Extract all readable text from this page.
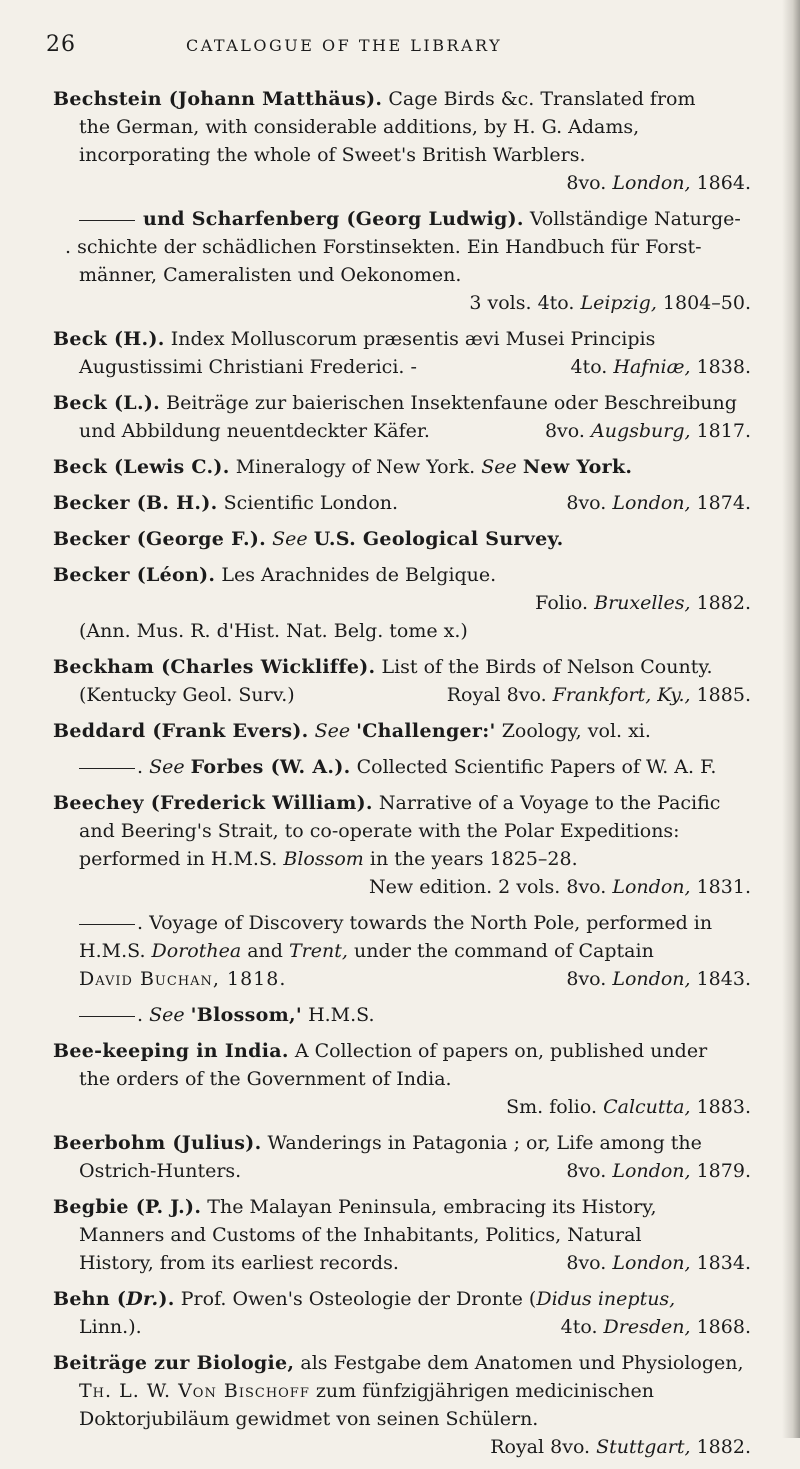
26	CATALOGUE OF THE LIBRARY
Bechstein (Johann Matthäus). Cage Birds &c. Translated from
the German, with considerable additions, by H. G. Adams,
incorporating the whole of Sweet's British Warblers.
8vo. London, 1864.
und Scharfenberg (Georg Ludwig). Vollständige Naturge-
. schichte der schädlichen Forstinsekten. Ein Handbuch für Forst-
männer, Cameralisten und Oekonomen.
3 vols. 4to. Leipzig, 1804–50.
Beck (H.). Index Molluscorum præsentis ævi Musei Principis
Augustissimi Christiani Frederici. -	4to. Hafniæ, 1838.
Beck (L.). Beiträge zur baierischen Insektenfaune oder Beschreibung
und Abbildung neuentdeckter Käfer.	8vo. Augsburg, 1817.
Beck (Lewis C.). Mineralogy of New York. See New York.
Becker (B. H.). Scientific London.	8vo. London, 1874.
Becker (George F.). See U.S. Geological Survey.
Becker (Léon). Les Arachnides de Belgique.
Folio. Bruxelles, 1882.
(Ann. Mus. R. d'Hist. Nat. Belg. tome x.)
Beckham (Charles Wickliffe). List of the Birds of Nelson County.
(Kentucky Geol. Surv.)	Royal 8vo. Frankfort, Ky., 1885.
Beddard (Frank Evers). See 'Challenger:' Zoology, vol. xi.
. See Forbes (W. A.). Collected Scientific Papers of W. A. F.
Beechey (Frederick William). Narrative of a Voyage to the Pacific
and Beering's Strait, to co-operate with the Polar Expeditions:
performed in H.M.S. Blossom in the years 1825–28.
New edition. 2 vols. 8vo. London, 1831.
. Voyage of Discovery towards the North Pole, performed in
H.M.S. Dorothea and Trent, under the command of Captain
David Buchan, 1818.	8vo. London, 1843.
. See 'Blossom,' H.M.S.
Bee-keeping in India. A Collection of papers on, published under
the orders of the Government of India.
Sm. folio. Calcutta, 1883.
Beerbohm (Julius). Wanderings in Patagonia ; or, Life among the
Ostrich-Hunters.	8vo. London, 1879.
Begbie (P. J.). The Malayan Peninsula, embracing its History,
Manners and Customs of the Inhabitants, Politics, Natural
History, from its earliest records.	8vo. London, 1834.
Behn (Dr.). Prof. Owen's Osteologie der Dronte (Didus ineptus,
Linn.).	4to. Dresden, 1868.
Beiträge zur Biologie, als Festgabe dem Anatomen und Physiologen,
Th. L. W. Von Bischoff zum fünfzigjährigen medicinischen
Doktorjubiläum gewidmet von seinen Schülern.
Royal 8vo. Stuttgart, 1882.
